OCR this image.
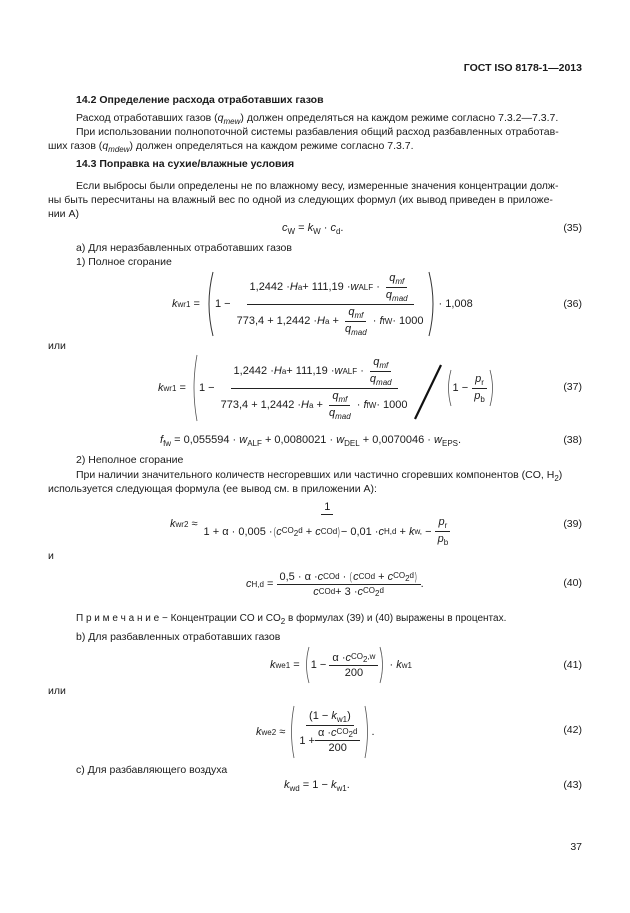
ГОСТ ISO 8178-1—2013
14.2 Определение расхода отработавших газов
Расход отработавших газов $(q_{mew})$ должен определяться на каждом режиме согласно 7.3.2—7.3.7.
При использовании полнопоточной системы разбавления общий расход разбавленных отработав-
ших газов $(q_{mdew})$ должен определяться на каждом режиме согласно 7.3.7.
14.3 Поправка на сухие/влажные условия
Если выбросы были определены не по влажному весу, измеренные значения концентрации долж-
ны быть пересчитаны на влажный вес по одной из следующих формул (их вывод приведен в приложе-
нии А)
$c_W = k_W \cdot c_d$.	(35)
а) Для неразбавленных отработавших газов
1) Полное сгорание
k $wr1 = 1 - \frac{1,2442 \cdot H a + 111,19 \cdot w ALF \cdot \frac{q_{mf}}{q_{mad}}}{773,4 + 1,2442 \cdot H a + \frac{q_{mf}}{q_{mad}} \cdot f fW \cdot 1000} \cdot 1,008$	(36)
или
k $wr1 = 1 - \frac{1,2442 \cdot H a + 111,19 \cdot w ALF \cdot \frac{q_{mf}}{q_{mad}}}{773,4 + 1,2442 \cdot H a + \frac{q_{mf}}{q_{mad}} \cdot f fW \cdot 1000}$	$1 - \frac{p_r}{p_b}$	(37)
$f_{fw} = 0,055594 \cdot w_{ALF} + 0,0080021 \cdot w_{DEL} + 0,0070046 \cdot w_{EPS}$.	(38)
2) Неполное сгорание
При наличии значительного количеств несгоревших или частично сгоревших компонентов (CO, $H_2$)
используется следующая формула (ее вывод см. в приложении А):
k $wr2 \approx \frac{1}{1 + \alpha \cdot 0,005 \cdot ( c CO_2d + c COd ) - 0,01 \cdot c H,d + k w, - \frac{p_r}{p_b}}$	(39)
и
c $H,d = \frac{0,5 \cdot \alpha \cdot c COd \cdot ( c COd + c CO_2d )}{c COd + 3 \cdot c CO_2d}$ .	(40)
П р и м е ч а н и е − Концентрации CO и $CO_2$ в формулах (39) и (40) выражены в процентах.
b) Для разбавленных отработавших газов
k $we1 = 1 - \frac{\alpha \cdot c CO_2,w}{200} \cdot k$ w1	(41)
или
k $we2 \approx \frac{(1 - k_{w1})}{1 + \frac{\alpha \cdot c CO_2d}{200}}$ .	(42)
c) Для разбавляющего воздуха
$k_{wd} = 1 - k_{w1}$.	(43)
37
